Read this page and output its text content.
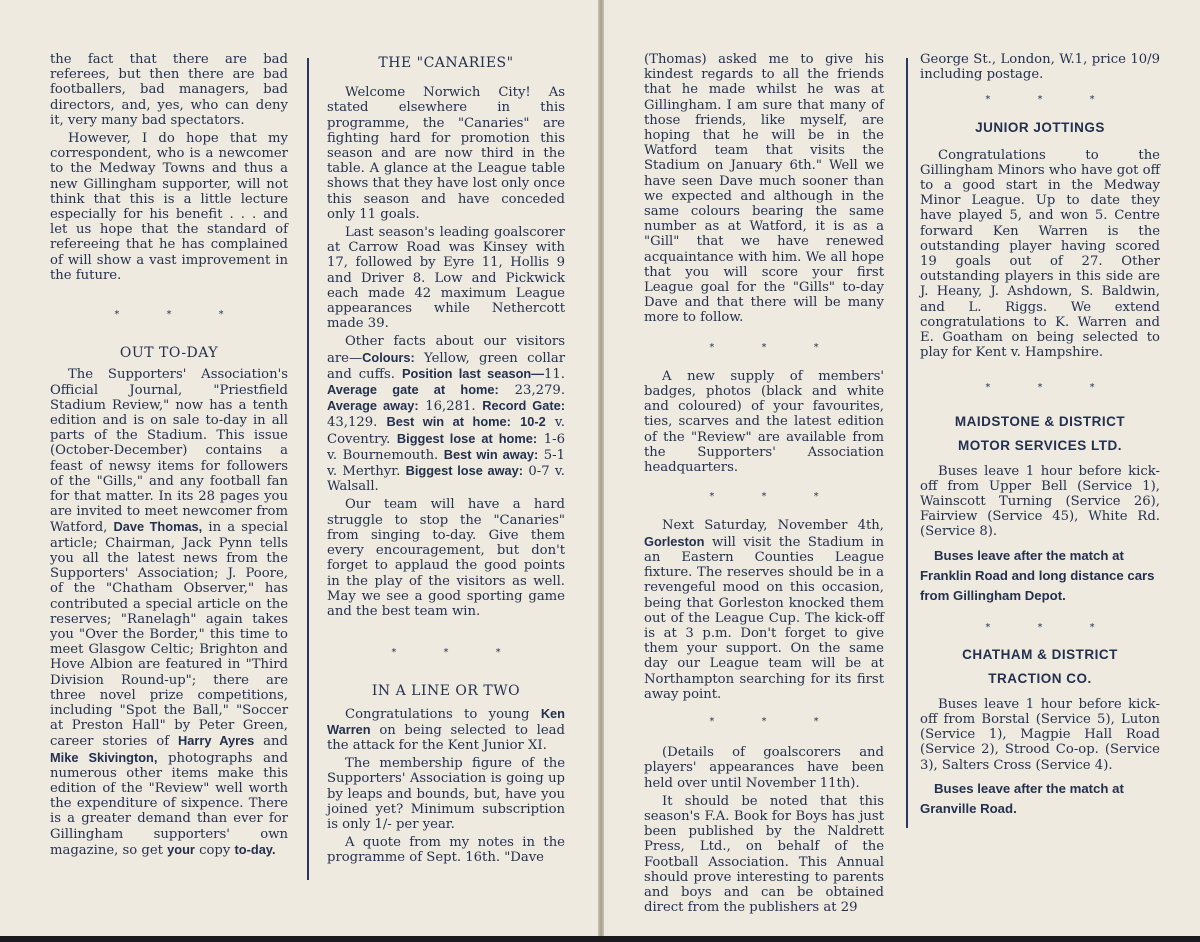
the fact that there are bad referees, but then there are bad footballers, bad managers, bad directors, and, yes, who can deny it, very many bad spectators.

However, I do hope that my correspondent, who is a newcomer to the Medway Towns and thus a new Gillingham supporter, will not think that this is a little lecture especially for his benefit . . . and let us hope that the standard of refereeing that he has complained of will show a vast improvement in the future.

* * *
OUT TO-DAY

The Supporters' Association's Official Journal, "Priestfield Stadium Review," now has a tenth edition and is on sale to-day in all parts of the Stadium. This issue (October-December) contains a feast of newsy items for followers of the "Gills," and any football fan for that matter. In its 28 pages you are invited to meet newcomer from Watford, Dave Thomas, in a special article; Chairman, Jack Pynn tells you all the latest news from the Supporters' Association; J. Poore, of the "Chatham Observer," has contributed a special article on the reserves; "Ranelagh" again takes you "Over the Border," this time to meet Glasgow Celtic; Brighton and Hove Albion are featured in "Third Division Round-up"; there are three novel prize competitions, including "Spot the Ball," "Soccer at Preston Hall" by Peter Green, career stories of Harry Ayres and Mike Skivington, photographs and numerous other items make this edition of the "Review" well worth the expenditure of sixpence. There is a greater demand than ever for Gillingham supporters' own magazine, so get your copy to-day.

THE "CANARIES"

Welcome Norwich City! As stated elsewhere in this programme, the "Canaries" are fighting hard for promotion this season and are now third in the table. A glance at the League table shows that they have lost only once this season and have conceded only 11 goals.

Last season's leading goalscorer at Carrow Road was Kinsey with 17, followed by Eyre 11, Hollis 9 and Driver 8. Low and Pickwick each made 42 maximum League appearances while Nethercott made 39.

Other facts about our visitors are—Colours: Yellow, green collar and cuffs. Position last season—11. Average gate at home: 23,279. Average away: 16,281. Record Gate: 43,129. Best win at home: 10-2 v. Coventry. Biggest lose at home: 1-6 v. Bournemouth. Best win away: 5-1 v. Merthyr. Biggest lose away: 0-7 v. Walsall.

Our team will have a hard struggle to stop the "Canaries" from singing to-day. Give them every encouragement, but don't forget to applaud the good points in the play of the visitors as well. May we see a good sporting game and the best team win.

* * *
IN A LINE OR TWO

Congratulations to young Ken Warren on being selected to lead the attack for the Kent Junior XI.

The membership figure of the Supporters' Association is going up by leaps and bounds, but, have you joined yet? Minimum subscription is only 1/- per year.

A quote from my notes in the programme of Sept. 16th. "Dave

(Thomas) asked me to give his kindest regards to all the friends that he made whilst he was at Gillingham. I am sure that many of those friends, like myself, are hoping that he will be in the Watford team that visits the Stadium on January 6th." Well we have seen Dave much sooner than we expected and although in the same colours bearing the same number as at Watford, it is as a "Gill" that we have renewed acquaintance with him. We all hope that you will score your first League goal for the "Gills" to-day Dave and that there will be many more to follow.

* * *

A new supply of members' badges, photos (black and white and coloured) of your favourites, ties, scarves and the latest edition of the "Review" are available from the Supporters' Association headquarters.

* * *

Next Saturday, November 4th, Gorleston will visit the Stadium in an Eastern Counties League fixture. The reserves should be in a revengeful mood on this occasion, being that Gorleston knocked them out of the League Cup. The kick-off is at 3 p.m. Don't forget to give them your support. On the same day our League team will be at Northampton searching for its first away point.

* * *

(Details of goalscorers and players' appearances have been held over until November 11th).

It should be noted that this season's F.A. Book for Boys has just been published by the Naldrett Press, Ltd., on behalf of the Football Association. This Annual should prove interesting to parents and boys and can be obtained direct from the publishers at 29

George St., London, W.1, price 10/9 including postage.

* * *
JUNIOR JOTTINGS

Congratulations to the Gillingham Minors who have got off to a good start in the Medway Minor League. Up to date they have played 5, and won 5. Centre forward Ken Warren is the outstanding player having scored 19 goals out of 27. Other outstanding players in this side are J. Heany, J. Ashdown, S. Baldwin, and L. Riggs. We extend congratulations to K. Warren and E. Goatham on being selected to play for Kent v. Hampshire.

* * *
MAIDSTONE & DISTRICT
MOTOR SERVICES LTD.

Buses leave 1 hour before kick-off from Upper Bell (Service 1), Wainscott Turning (Service 26), Fairview (Service 45), White Rd. (Service 8).

Buses leave after the match at Franklin Road and long distance cars from Gillingham Depot.
* * *
CHATHAM & DISTRICT
TRACTION CO.

Buses leave 1 hour before kick-off from Borstal (Service 5), Luton (Service 1), Magpie Hall Road (Service 2), Strood Co-op. (Service 3), Salters Cross (Service 4).

Buses leave after the match at Granville Road.
